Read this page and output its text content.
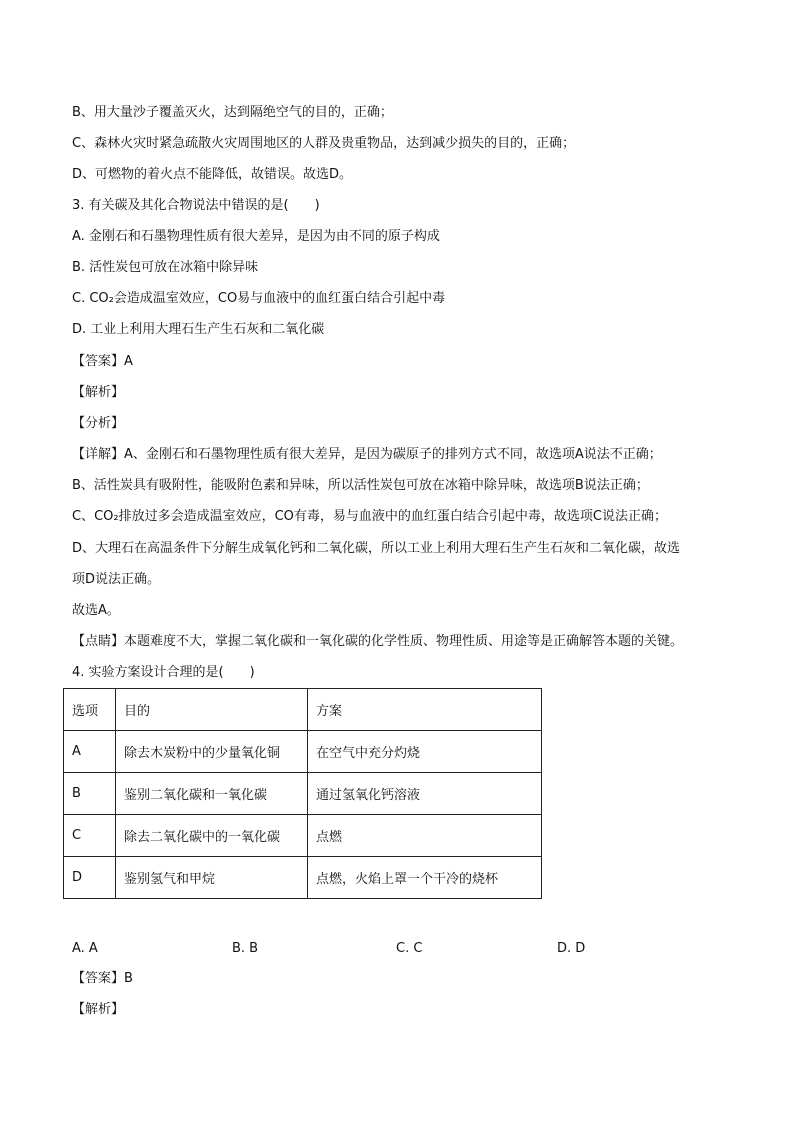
B、用大量沙子覆盖灭火，达到隔绝空气的目的，正确；
C、森林火灾时紧急疏散火灾周围地区的人群及贵重物品，达到减少损失的目的，正确；
D、可燃物的着火点不能降低，故错误。故选D。
3. 有关碳及其化合物说法中错误的是(　　)
A. 金刚石和石墨物理性质有很大差异，是因为由不同的原子构成
B. 活性炭包可放在冰箱中除异味
C. CO₂会造成温室效应，CO易与血液中的血红蛋白结合引起中毒
D. 工业上利用大理石生产生石灰和二氧化碳
【答案】A
【解析】
【分析】
【详解】A、金刚石和石墨物理性质有很大差异，是因为碳原子的排列方式不同，故选项A说法不正确；
B、活性炭具有吸附性，能吸附色素和异味，所以活性炭包可放在冰箱中除异味，故选项B说法正确；
C、CO₂排放过多会造成温室效应，CO有毒，易与血液中的血红蛋白结合引起中毒，故选项C说法正确；
D、大理石在高温条件下分解生成氧化钙和二氧化碳，所以工业上利用大理石生产生石灰和二氧化碳，故选
项D说法正确。
故选A。
【点睛】本题难度不大，掌握二氧化碳和一氧化碳的化学性质、物理性质、用途等是正确解答本题的关键。
4. 实验方案设计合理的是(　　)
选项	目的	方案
A	除去木炭粉中的少量氧化铜	在空气中充分灼烧
B	鉴别二氧化碳和一氧化碳	通过氢氧化钙溶液
C	除去二氧化碳中的一氧化碳	点燃
D	鉴别氢气和甲烷	点燃，火焰上罩一个干冷的烧杯
A. A	B. B	C. C	D. D
【答案】B
【解析】
